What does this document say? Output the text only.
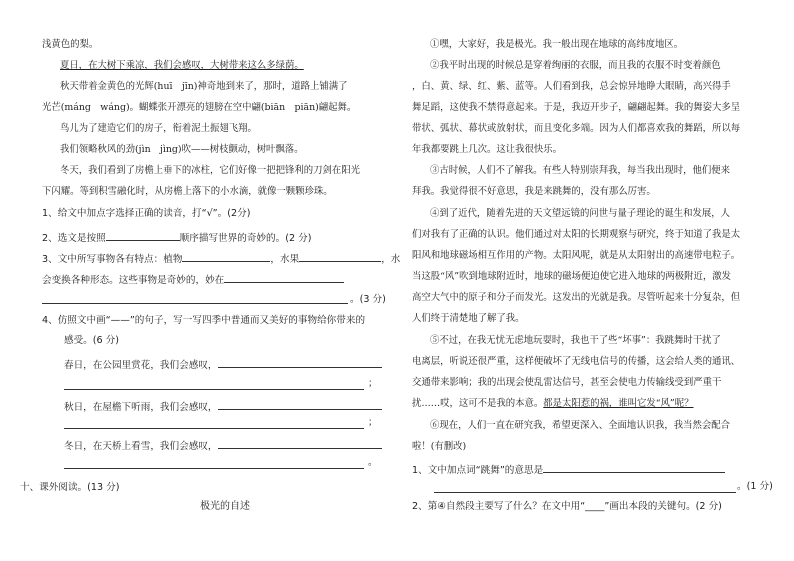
浅黄色的梨。
夏日，在大树下乘凉，我们会感叹，大树带来这么多绿荫。
秋天带着金黄色的光辉(huī　jīn)神奇地到来了，那时，道路上铺满了
光芒(máng　wáng)。蝴蝶张开漂亮的翅膀在空中翩(biān　piān)翩起舞。
鸟儿为了建造它们的房子，衔着泥土振翅飞翔。
我们领略秋风的劲(jìn　jìng)吹——树枝颤动，树叶飘落。
冬天，我们看到了房檐上垂下的冰柱，它们好像一把把锋利的刀剑在阳光
下闪耀。等到积雪融化时，从房檐上落下的小水滴，就像一颗颗珍珠。
1、给文中加点字选择正确的读音，打“√”。(2分)
2、选文是按照	顺序描写世界的奇妙的。(2 分)
3、文中所写事物各有特点：植物	，水果	，水
会变换各种形态。这些事物是奇妙的，妙在
。(3 分)
4、仿照文中画“——”的句子，写一写四季中普通而又美好的事物给你带来的
感受。(6 分)
春日，在公园里赏花，我们会感叹，
；
秋日，在屋檐下听雨，我们会感叹，
；
冬日，在天桥上看雪，我们会感叹，
。
十、课外阅读。(13 分)
极光的自述
①嘿，大家好，我是极光。我一般出现在地球的高纬度地区。
②我平时出现的时候总是穿着绚丽的衣服，而且我的衣服不时变着颜色
，白、黄、绿、红、紫、蓝等。人们看到我，总会惊异地睁大眼睛，高兴得手
舞足蹈，这使我不禁得意起来。于是，我迈开步子，翩翩起舞。我的舞姿大多呈
带状、弧状、幕状或放射状，而且变化多端。因为人们都喜欢我的舞蹈，所以每
年我都要跳上几次。这让我很快乐。
③古时候，人们不了解我。有些人特别崇拜我，每当我出现时，他们便来
拜我。我觉得很不好意思，我是来跳舞的，没有那么厉害。
④到了近代，随着先进的天文望远镜的问世与量子理论的诞生和发展，人
们对我有了正确的认识。他们通过对太阳的长期观察与研究，终于知道了我是太
阳风和地球磁场相互作用的产物。太阳风呢，就是从太阳射出的高速带电粒子。
当这股“风”吹到地球附近时，地球的磁场便迫使它进入地球的两极附近，激发
高空大气中的原子和分子而发光。这发出的光就是我。尽管听起来十分复杂，但
人们终于清楚地了解了我。
⑤不过，在我无忧无虑地玩耍时，我也干了些“坏事”：我跳舞时干扰了
电离层，听说还很严重，这样便破坏了无线电信号的传播，这会给人类的通讯、
交通带来影响；我的出现会使乱雷达信号，甚至会使电力传输线受到严重干
扰……哎，这可不是我的本意。都是太阳惹的祸，谁叫它发“风”呢？
⑥现在，人们一直在研究我，希望更深入、全面地认识我，我当然会配合
啦！(有删改)
1、文中加点词“跳舞”的意思是
。(1 分)
2、第④自然段主要写了什么？在文中用“____”画出本段的关键句。(2 分)
